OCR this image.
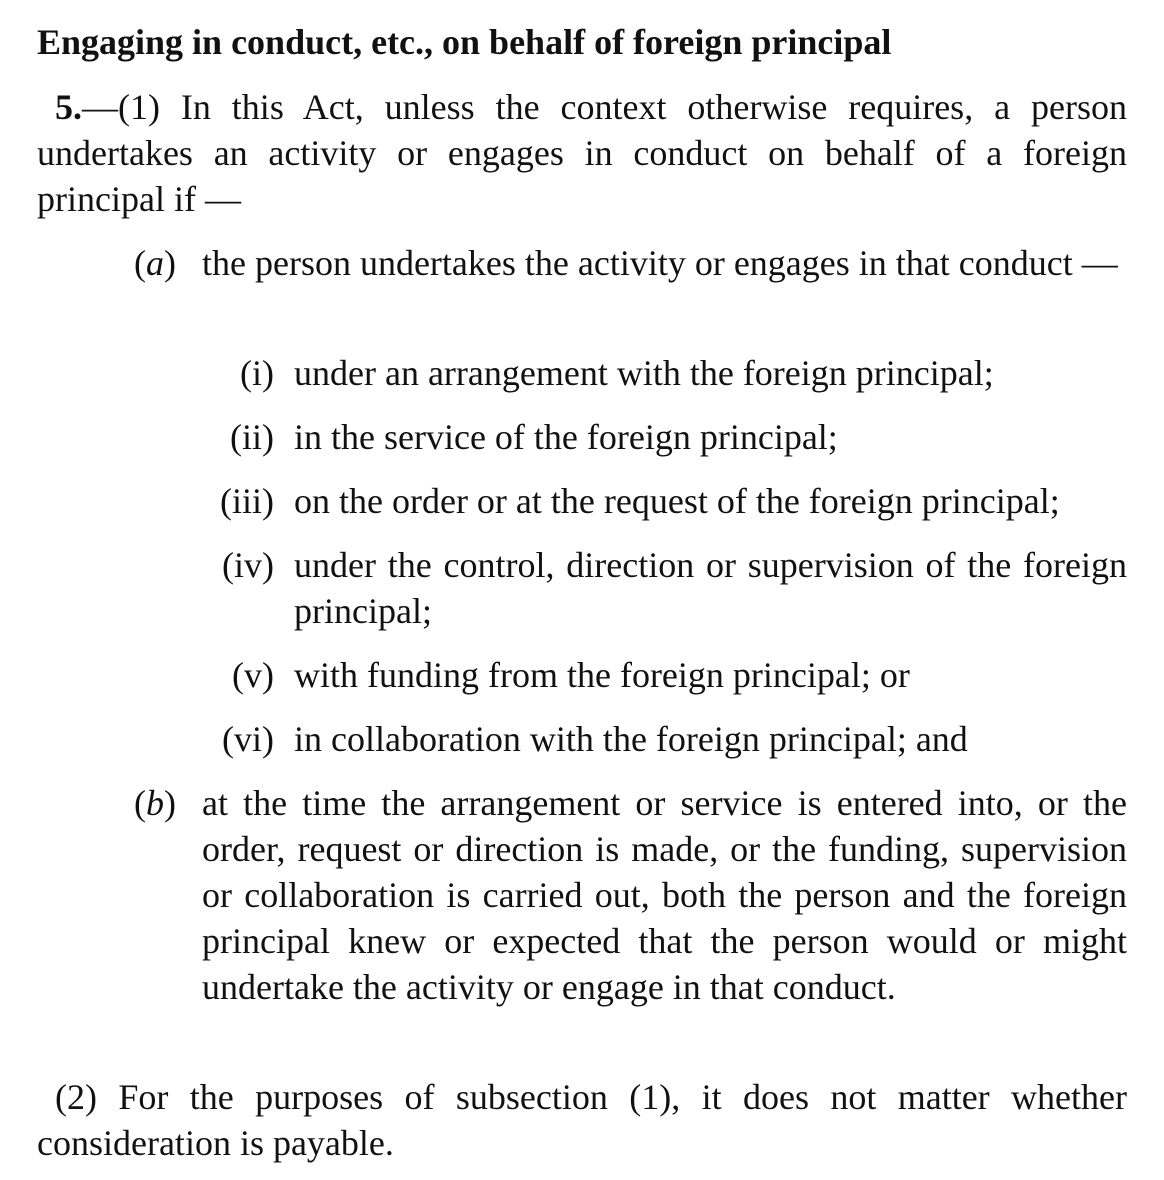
Engaging in conduct, etc., on behalf of foreign principal
5.—(1) In this Act, unless the context otherwise requires, a person undertakes an activity or engages in conduct on behalf of a foreign principal if —
(a) the person undertakes the activity or engages in that conduct —
(i) under an arrangement with the foreign principal;
(ii) in the service of the foreign principal;
(iii) on the order or at the request of the foreign principal;
(iv) under the control, direction or supervision of the foreign principal;
(v) with funding from the foreign principal; or
(vi) in collaboration with the foreign principal; and
(b) at the time the arrangement or service is entered into, or the order, request or direction is made, or the funding, supervision or collaboration is carried out, both the person and the foreign principal knew or expected that the person would or might undertake the activity or engage in that conduct.
(2) For the purposes of subsection (1), it does not matter whether consideration is payable.
